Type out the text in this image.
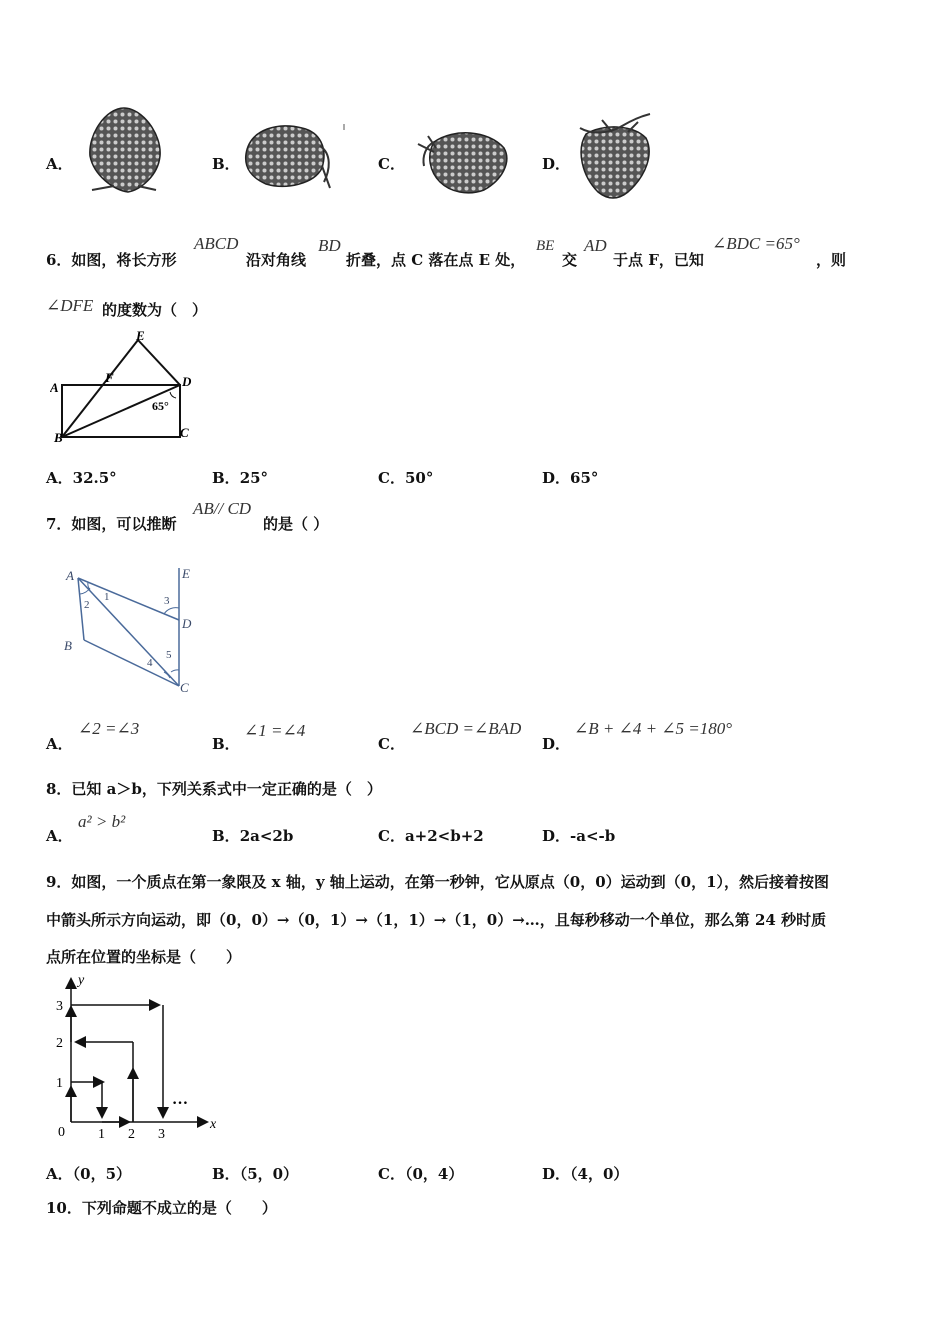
A．	B．	C．	D．
6．如图，将长方形
ABCD
沿对角线
BD
折叠，点 C 落在点 E 处，
BE
交
AD
于点 F，已知
∠BDC =65°
，则
∠DFE 的度数为（　）
E
A
F	D
65°
B	C
A．32.5°	B．25°	C．50°	D．65°
7．如图，可以推断
AB// CD
的是（ ）
A
1
2	3
E
D
B
4
5
C
A．
∠2 =∠3
B．
∠1 =∠4
C．
∠BCD =∠BAD
D．
∠B + ∠4 + ∠5 =180°
8．已知 a＞b，下列关系式中一定正确的是（　）
A．
a² > b²
B．2a<2b	C．a+2<b+2	D．-a<-b
9．如图，一个质点在第一象限及 x 轴，y 轴上运动，在第一秒钟，它从原点（0，0）运动到（0，1），然后接着按图
中箭头所示方向运动，即（0，0）→（0，1）→（1，1）→（1，0）→…，且每秒移动一个单位，那么第 24 秒时质
点所在位置的坐标是（　　）
y
x
0
1
2
3
1 2 3
…
A．（0，5）	B．（5，0）	C．（0，4）	D．（4，0）
10．下列命题不成立的是（　　）
